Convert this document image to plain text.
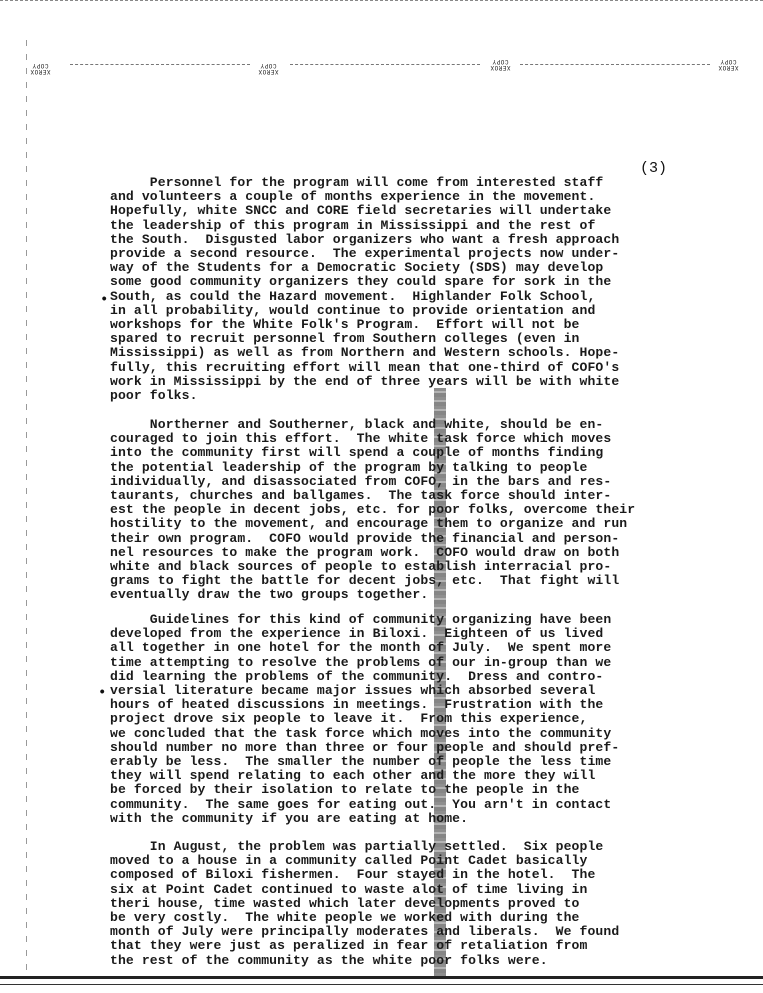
XEROX
COPY
XEROX
COPY	XEROX
COPY
XEROX
COPY
(3)
•
•
Personnel for the program will come from interested staff
and volunteers a couple of months experience in the movement.
Hopefully, white SNCC and CORE field secretaries will undertake
the leadership of this program in Mississippi and the rest of
the South.  Disgusted labor organizers who want a fresh approach
provide a second resource.  The experimental projects now under-
way of the Students for a Democratic Society (SDS) may develop
some good community organizers they could spare for sork in the
South, as could the Hazard movement.  Highlander Folk School,
in all probability, would continue to provide orientation and
workshops for the White Folk's Program.  Effort will not be
spared to recruit personnel from Southern colleges (even in
Mississippi) as well as from Northern and Western schools. Hope-
fully, this recruiting effort will mean that one-third of COFO's
work in Mississippi by the end of three years will be with white
poor folks.
Northerner and Southerner, black and white, should be en-
couraged to join this effort.  The white task force which moves
into the community first will spend a couple of months finding
the potential leadership of the program by talking to people
individually, and disassociated from COFO, in the bars and res-
taurants, churches and ballgames.  The task force should inter-
est the people in decent jobs, etc. for poor folks, overcome their
hostility to the movement, and encourage them to organize and run
their own program.  COFO would provide the financial and person-
nel resources to make the program work.  COFO would draw on both
white and black sources of people to establish interracial pro-
grams to fight the battle for decent jobs, etc.  That fight will
eventually draw the two groups together.
Guidelines for this kind of community organizing have been
developed from the experience in Biloxi.  Eighteen of us lived
all together in one hotel for the month of July.  We spent more
time attempting to resolve the problems of our in-group than we
did learning the problems of the community.  Dress and contro-
versial literature became major issues which absorbed several
hours of heated discussions in meetings.  Frustration with the
project drove six people to leave it.  From this experience,
we concluded that the task force which moves into the community
should number no more than three or four people and should pref-
erably be less.  The smaller the number of people the less time
they will spend relating to each other and the more they will
be forced by their isolation to relate to the people in the
community.  The same goes for eating out.  You arn't in contact
with the community if you are eating at home.
In August, the problem was partially settled.  Six people
moved to a house in a community called Point Cadet basically
composed of Biloxi fishermen.  Four stayed in the hotel.  The
six at Point Cadet continued to waste alot of time living in
theri house, time wasted which later developments proved to
be very costly.  The white people we worked with during the
month of July were principally moderates and liberals.  We found
that they were just as peralized in fear of retaliation from
the rest of the community as the white poor folks were.
